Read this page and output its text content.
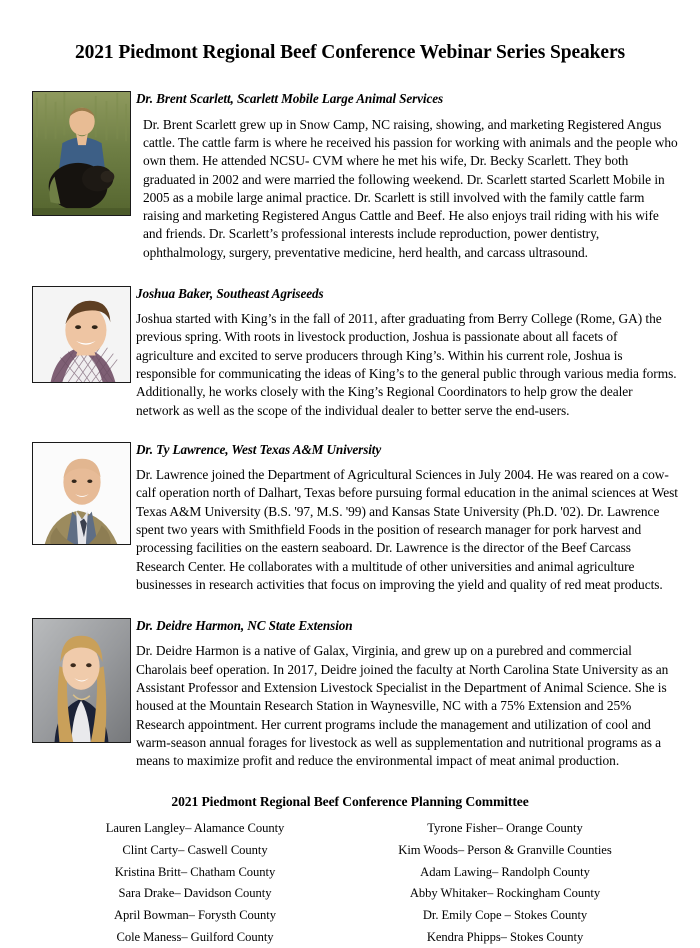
2021 Piedmont Regional Beef Conference Webinar Series Speakers

Dr. Brent Scarlett, Scarlett Mobile Large Animal Services

Dr. Brent Scarlett grew up in Snow Camp, NC raising, showing, and marketing Registered Angus cattle. The cattle farm is where he received his passion for working with animals and the people who own them. He attended NCSU- CVM where he met his wife, Dr. Becky Scarlett. They both graduated in 2002 and were married the following weekend. Dr. Scarlett started Scarlett Mobile in 2005 as a mobile large animal practice. Dr. Scarlett is still involved with the family cattle farm raising and marketing Registered Angus Cattle and Beef. He also enjoys trail riding with his wife and friends. Dr. Scarlett’s professional interests include reproduction, power dentistry, ophthalmology, surgery, preventative medicine, herd health, and carcass ultrasound.

Joshua Baker, Southeast Agriseeds

Joshua started with King’s in the fall of 2011, after graduating from Berry College (Rome, GA) the previous spring. With roots in livestock production, Joshua is passionate about all facets of agriculture and excited to serve producers through King’s. Within his current role, Joshua is responsible for communicating the ideas of King’s to the general public through various media forms. Additionally, he works closely with the King’s Regional Coordinators to help grow the dealer network as well as the scope of the individual dealer to better serve the end-users.

Dr. Ty Lawrence, West Texas A&M University

Dr. Lawrence joined the Department of Agricultural Sciences in July 2004. He was reared on a cow-calf operation north of Dalhart, Texas before pursuing formal education in the animal sciences at West Texas A&M University (B.S. '97, M.S. '99) and Kansas State University (Ph.D. '02). Dr. Lawrence spent two years with Smithfield Foods in the position of research manager for pork harvest and processing facilities on the eastern seaboard. Dr. Lawrence is the director of the Beef Carcass Research Center. He collaborates with a multitude of other universities and animal agriculture businesses in research activities that focus on improving the yield and quality of red meat products.

Dr. Deidre Harmon, NC State Extension

Dr. Deidre Harmon is a native of Galax, Virginia, and grew up on a purebred and commercial Charolais beef operation. In 2017, Deidre joined the faculty at North Carolina State University as an Assistant Professor and Extension Livestock Specialist in the Department of Animal Science. She is housed at the Mountain Research Station in Waynesville, NC with a 75% Extension and 25% Research appointment. Her current programs include the management and utilization of cool and warm-season annual forages for livestock as well as supplementation and nutritional programs as a means to maximize profit and reduce the environmental impact of meat animal production.

2021 Piedmont Regional Beef Conference Planning Committee

Lauren Langley– Alamance County	Tyrone Fisher– Orange County
Clint Carty– Caswell County	Kim Woods– Person & Granville Counties
Kristina Britt– Chatham County	Adam Lawing– Randolph County
Sara Drake– Davidson County	Abby Whitaker– Rockingham County
April Bowman– Forysth County	Dr. Emily Cope – Stokes County
Cole Maness– Guilford County	Kendra Phipps– Stokes County
